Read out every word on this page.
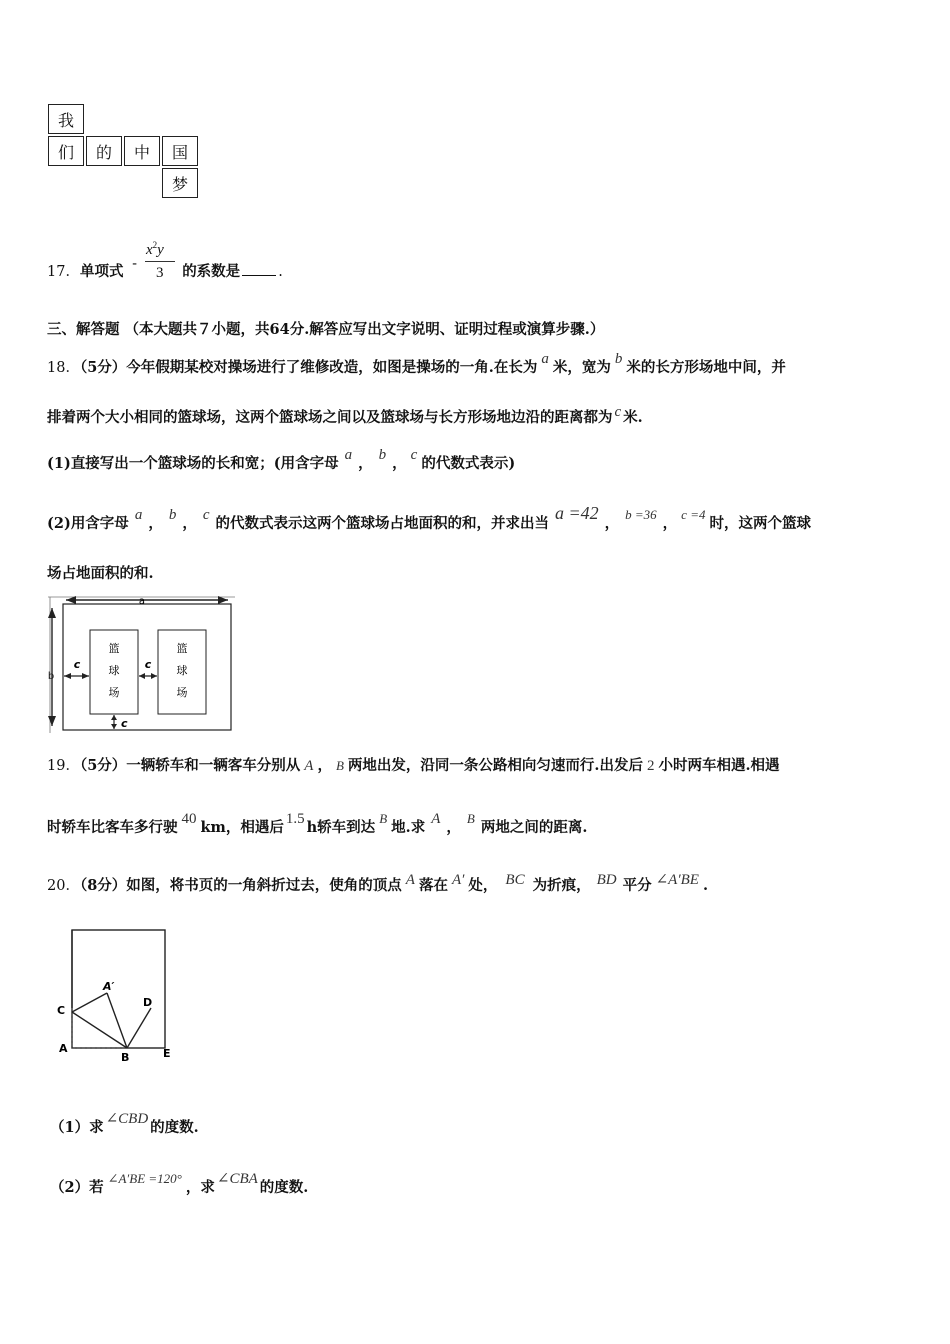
我
们	的	中	国
梦
17．单项式 -	的系数是	.
$x^2y$
3
三、解答题 （本大题共７小题，共64分.解答应写出文字说明、证明过程或演算步骤.）
18．（5分）今年假期某校对操场进行了维修改造，如图是操场的一角.在长为 a 米，宽为 b 米的长方形场地中间，并
排着两个大小相同的篮球场，这两个篮球场之间以及篮球场与长方形场地边沿的距离都为 c 米.
(1)直接写出一个篮球场的长和宽；(用含字母 a ， b ， c 的代数式表示)
(2)用含字母 a ， b ， c 的代数式表示这两个篮球场占地面积的和，并求出当a =42，b =36，c =4时，这两个篮球
场占地面积的和.
a
b
篮
球
场
篮
球
场
c	c
c
19．（5分）一辆轿车和一辆客车分别从 A ， B 两地出发，沿同一条公路相向匀速而行.出发后 2 小时两车相遇.相遇
时轿车比客车多行驶 40 km，相遇后 1.5 h轿车到达B地.求 A ，B两地之间的距离.
20．（8分）如图，将书页的一角斜折过去，使角的顶点 A 落在 A′ 处， BC 为折痕， BD 平分 ∠A′BE .
C
A′
D
A
B	E
（1）求 ∠CBD 的度数.
（2）若∠A′BE =120°，求 ∠CBA 的度数.
